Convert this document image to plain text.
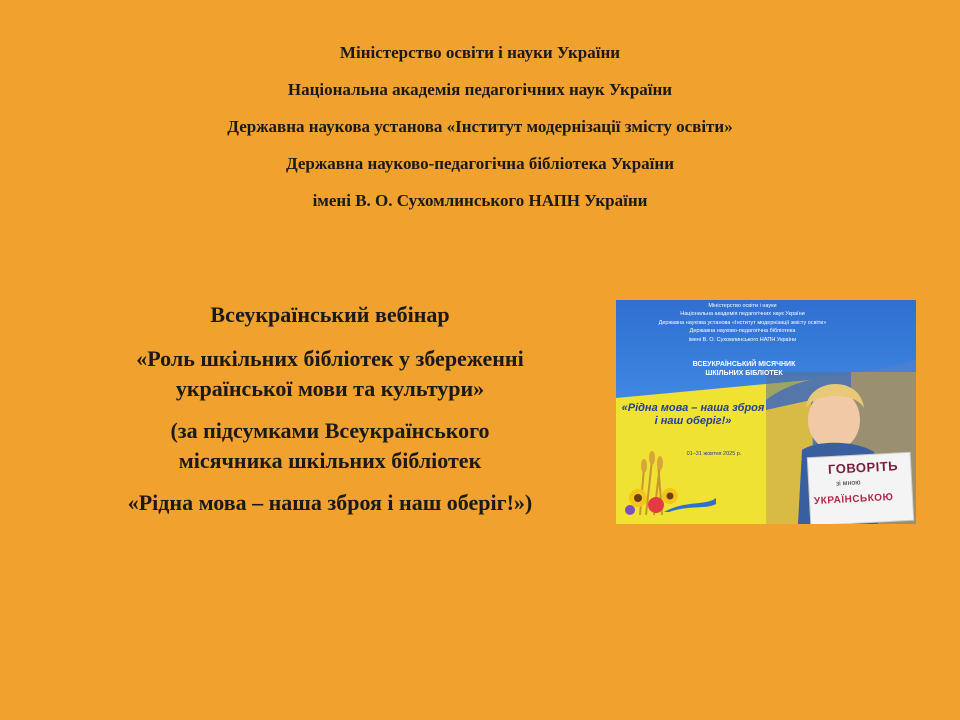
Міністерство освіти і науки України
Національна академія педагогічних наук України
Державна наукова установа «Інститут модернізації змісту освіти»
Державна науково-педагогічна бібліотека України
імені В. О. Сухомлинського НАПН України

Всеукраїнський вебінар

«Роль шкільних бібліотек у збереженні

української мови та культури»

(за підсумками Всеукраїнського

місячника шкільних бібліотек

«Рідна мова – наша зброя і наш оберіг!»)

Міністерство освіти і науки
Національна академія педагогічних наук України
Державна наукова установа «Інститут модернізації змісту освіти»
Державна науково-педагогічна бібліотека
імені В. О. Сухомлинського НАПН України
ВСЕУКРАЇНСЬКИЙ МІСЯЧНИК
ШКІЛЬНИХ БІБЛІОТЕК
«Рідна мова – наша зброя
і наш оберіг!»
01–31 жовтня 2025 р.
ГОВОРІТЬ
зі мною
УКРАЇНСЬКОЮ
